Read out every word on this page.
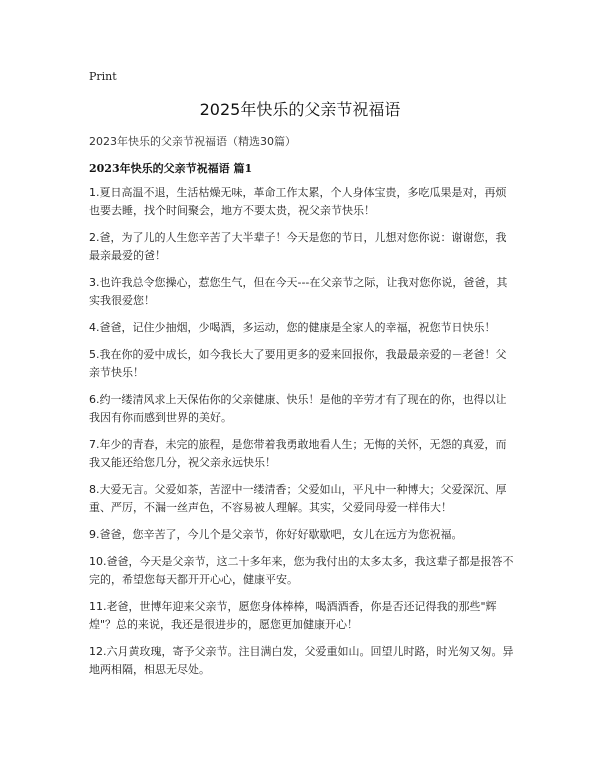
Print
2025年快乐的父亲节祝福语
2023年快乐的父亲节祝福语（精选30篇）
2023年快乐的父亲节祝福语 篇1

1.夏日高温不退，生活枯燥无味，革命工作太累，个人身体宝贵，多吃瓜果是对，再烦也要去睡，找个时间聚会，地方不要太贵，祝父亲节快乐！

2.爸，为了儿的人生您辛苦了大半辈子！今天是您的节日，儿想对您你说：谢谢您，我最亲最爱的爸！

3.也许我总令您操心，惹您生气，但在今天---在父亲节之际，让我对您你说，爸爸，其实我很爱您！

4.爸爸，记住少抽烟，少喝酒，多运动，您的健康是全家人的幸福，祝您节日快乐！

5.我在你的爱中成长，如今我长大了要用更多的爱来回报你，我最最亲爱的－老爸！父亲节快乐！

6.约一缕清风求上天保佑你的父亲健康、快乐！是他的辛劳才有了现在的你，也得以让我因有你而感到世界的美好。

7.年少的青春，未完的旅程，是您带着我勇敢地看人生；无悔的关怀，无怨的真爱，而我又能还给您几分，祝父亲永远快乐！

8.大爱无言。父爱如茶，苦涩中一缕清香；父爱如山，平凡中一种博大；父爱深沉、厚重、严厉，不漏一丝声色，不容易被人理解。其实，父爱同母爱一样伟大！

9.爸爸，您辛苦了，今儿个是父亲节，你好好歇歇吧，女儿在远方为您祝福。

10.爸爸，今天是父亲节，这二十多年来，您为我付出的太多太多，我这辈子都是报答不完的，希望您每天都开开心心，健康平安。

11.老爸，世博年迎来父亲节，愿您身体棒棒，喝酒酒香，你是否还记得我的那些"辉煌"？总的来说，我还是很进步的，愿您更加健康开心！

12.六月黄玫瑰，寄予父亲节。注目满白发，父爱重如山。回望儿时路，时光匆又匆。异地两相隔，相思无尽处。
